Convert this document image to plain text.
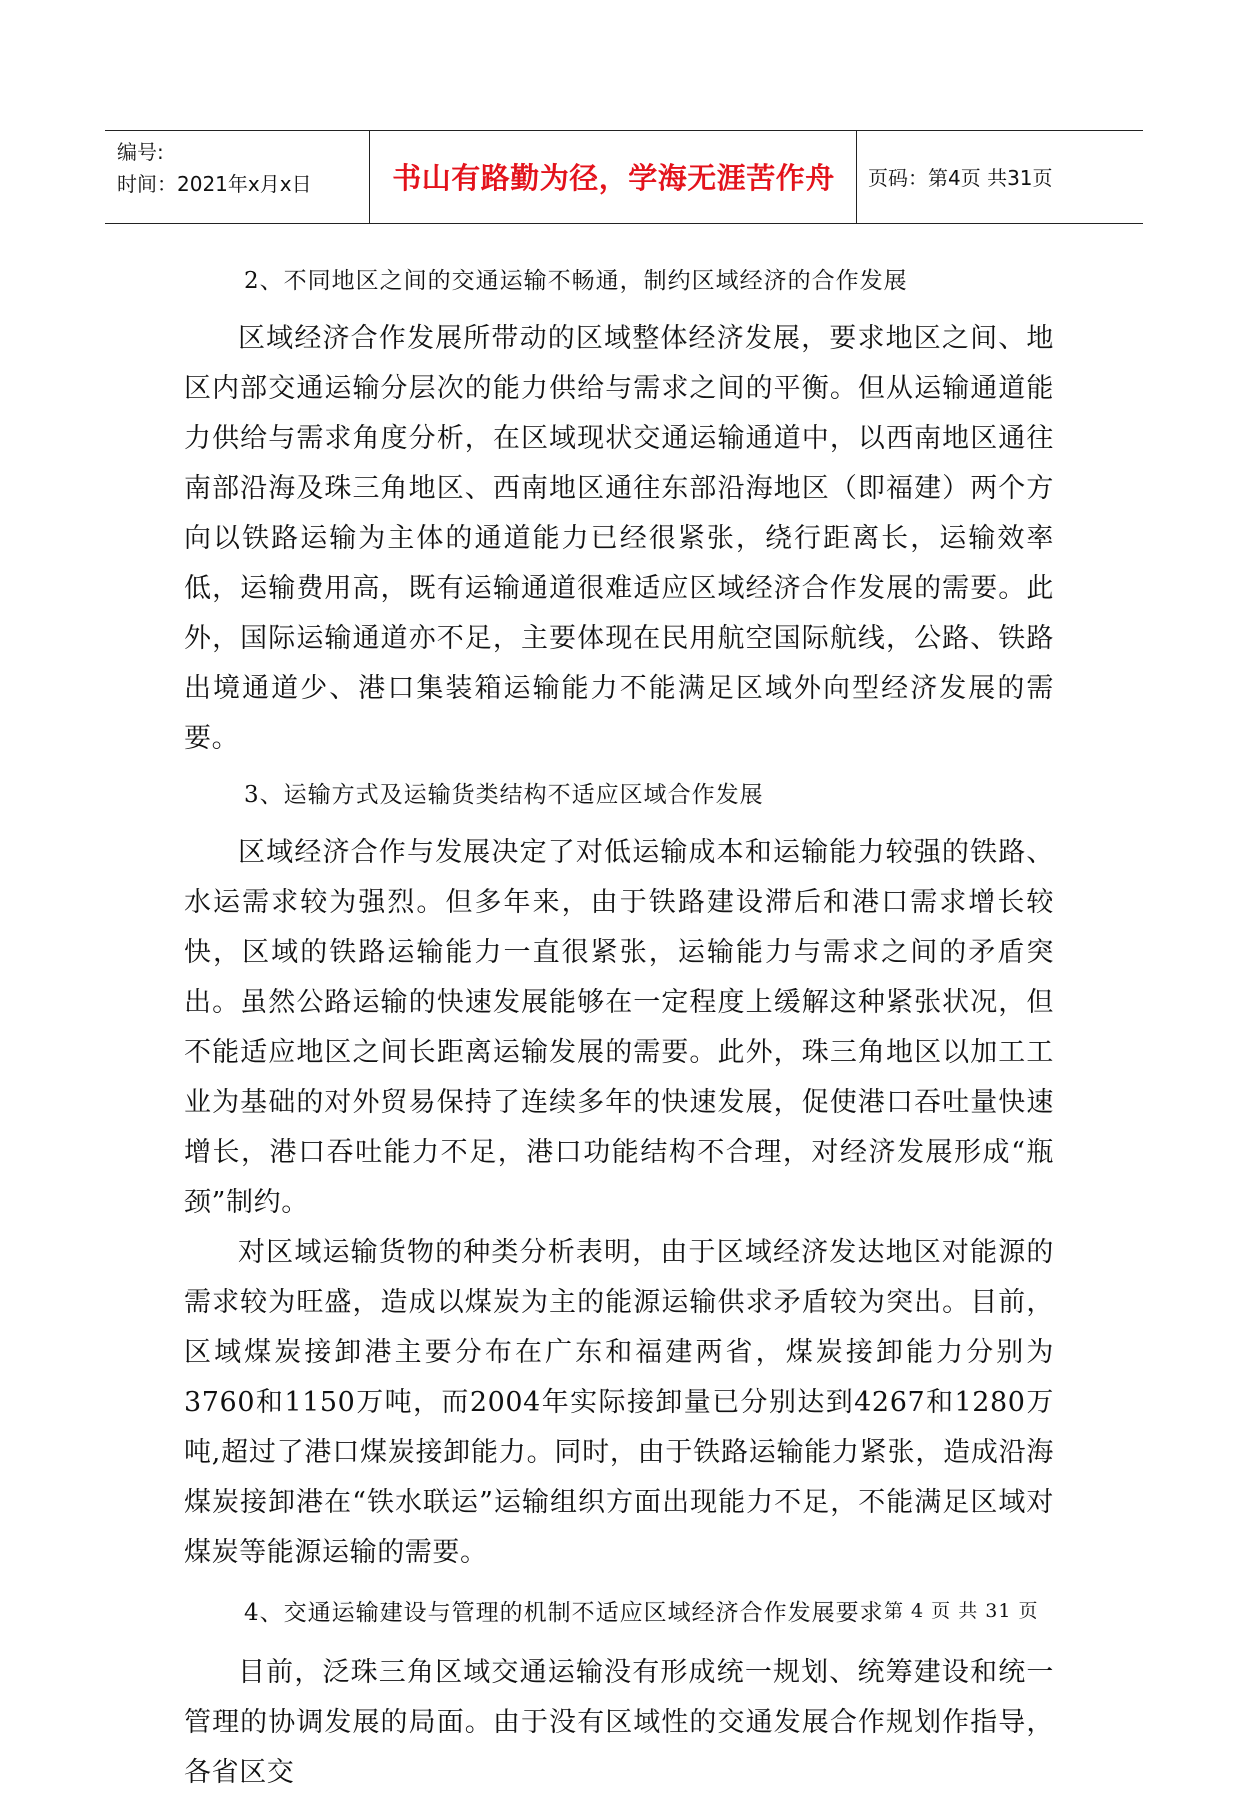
编号:
时间：2021年x月x日	书山有路勤为径，学海无涯苦作舟	页码：第4页 共31页

2、不同地区之间的交通运输不畅通，制约区域经济的合作发展

区域经济合作发展所带动的区域整体经济发展，要求地区之间、地区内部交通运输分层次的能力供给与需求之间的平衡。但从运输通道能力供给与需求角度分析，在区域现状交通运输通道中，以西南地区通往南部沿海及珠三角地区、西南地区通往东部沿海地区（即福建）两个方向以铁路运输为主体的通道能力已经很紧张，绕行距离长，运输效率低，运输费用高，既有运输通道很难适应区域经济合作发展的需要。此外，国际运输通道亦不足，主要体现在民用航空国际航线，公路、铁路出境通道少、港口集装箱运输能力不能满足区域外向型经济发展的需要。

3、运输方式及运输货类结构不适应区域合作发展

区域经济合作与发展决定了对低运输成本和运输能力较强的铁路、水运需求较为强烈。但多年来，由于铁路建设滞后和港口需求增长较快，区域的铁路运输能力一直很紧张，运输能力与需求之间的矛盾突出。虽然公路运输的快速发展能够在一定程度上缓解这种紧张状况，但不能适应地区之间长距离运输发展的需要。此外，珠三角地区以加工工业为基础的对外贸易保持了连续多年的快速发展，促使港口吞吐量快速增长，港口吞吐能力不足，港口功能结构不合理，对经济发展形成“瓶颈”制约。

对区域运输货物的种类分析表明，由于区域经济发达地区对能源的需求较为旺盛，造成以煤炭为主的能源运输供求矛盾较为突出。目前，区域煤炭接卸港主要分布在广东和福建两省，煤炭接卸能力分别为3760和1150万吨，而2004年实际接卸量已分别达到4267和1280万吨,超过了港口煤炭接卸能力。同时，由于铁路运输能力紧张，造成沿海煤炭接卸港在“铁水联运”运输组织方面出现能力不足，不能满足区域对煤炭等能源运输的需要。

4、交通运输建设与管理的机制不适应区域经济合作发展要求

目前，泛珠三角区域交通运输没有形成统一规划、统筹建设和统一管理的协调发展的局面。由于没有区域性的交通发展合作规划作指导，各省区交

第 4 页 共 31 页
